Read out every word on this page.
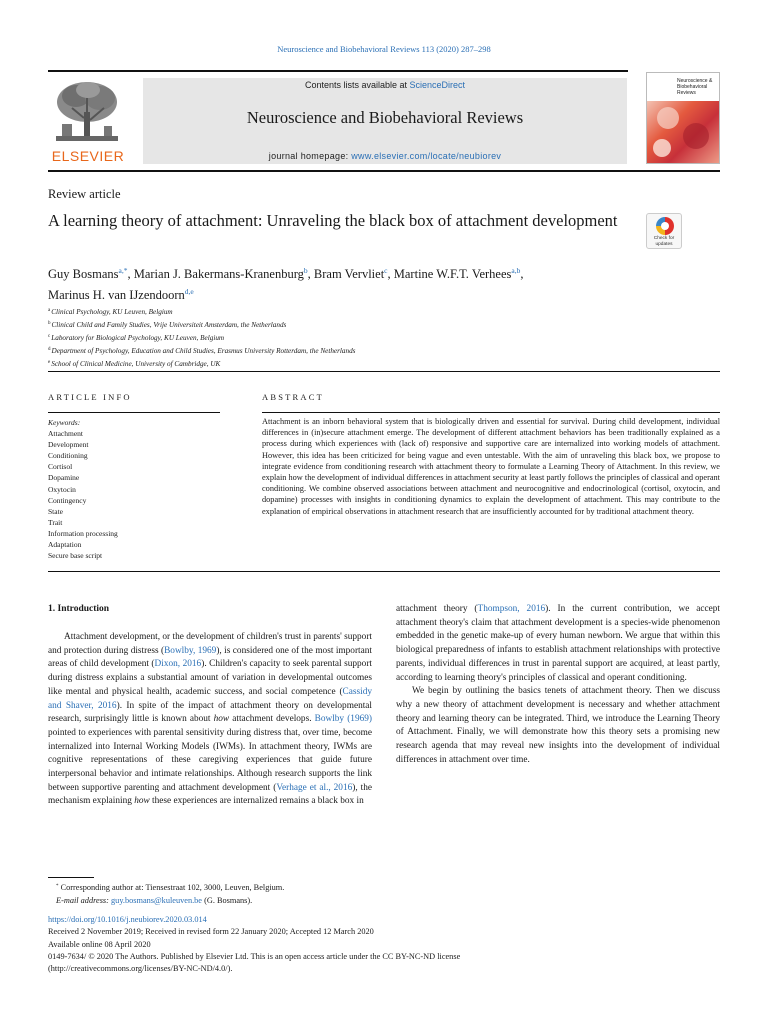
Neuroscience and Biobehavioral Reviews 113 (2020) 287–298
ELSEVIER
Contents lists available at ScienceDirect
Neuroscience and Biobehavioral Reviews
journal homepage: www.elsevier.com/locate/neubiorev
Neuroscience & Biobehavioral Reviews
Review article
A learning theory of attachment: Unraveling the black box of attachment development
Check for updates
Guy Bosmans$^{a,*}$, Marian J. Bakermans-Kranenburg$^b$, Bram Vervliet$^c$, Martine W.F.T. Verhees$^{a,b}$,
Marinus H. van IJzendoorn$^{d,e}$
$^a$Clinical Psychology, KU Leuven, Belgium
$^b$Clinical Child and Family Studies, Vrije Universiteit Amsterdam, the Netherlands
$^c$Laboratory for Biological Psychology, KU Leuven, Belgium
$^d$Department of Psychology, Education and Child Studies, Erasmus University Rotterdam, the Netherlands
$^e$School of Clinical Medicine, University of Cambridge, UK
ARTICLE INFO	ABSTRACT
Keywords:
Attachment
Development
Conditioning
Cortisol
Dopamine
Oxytocin
Contingency
State
Trait
Information processing
Adaptation
Secure base script
Attachment is an inborn behavioral system that is biologically driven and essential for survival. During child development, individual differences in (in)secure attachment emerge. The development of different attachment behaviors has been traditionally explained as a process during which experiences with (lack of) responsive and supportive care are internalized into working models of attachment. However, this idea has been criticized for being vague and even untestable. With the aim of unraveling this black box, we propose to integrate evidence from conditioning research with attachment theory to formulate a Learning Theory of Attachment. In this review, we explain how the development of individual differences in attachment security at least partly follows the principles of classical and operant conditioning. We combine observed associations between attachment and neurocognitive and endocrinological (cortisol, oxytocin, and dopamine) processes with insights in conditioning dynamics to explain the development of attachment. This may contribute to the explanation of empirical observations in attachment research that are insufficiently accounted for by traditional attachment theory.
1. Introduction

Attachment development, or the development of children's trust in parents' support and protection during distress (Bowlby, 1969), is considered one of the most important areas of child development (Dixon, 2016). Children's capacity to seek parental support during distress explains a substantial amount of variation in developmental outcomes like mental and physical health, academic success, and social competence (Cassidy and Shaver, 2016). In spite of the impact of attachment theory on developmental research, surprisingly little is known about how attachment develops. Bowlby (1969) pointed to experiences with parental sensitivity during distress that, over time, become internalized into Internal Working Models (IWMs). In attachment theory, IWMs are cognitive representations of these caregiving experiences that guide future interpersonal behavior and intimate relationships. Although research supports the link between supportive parenting and attachment development (Verhage et al., 2016), the mechanism explaining how these experiences are internalized remains a black box in

attachment theory (Thompson, 2016). In the current contribution, we accept attachment theory's claim that attachment development is a species-wide phenomenon embedded in the genetic make-up of every human newborn. We argue that within this biological preparedness of infants to establish attachment relationships with protective parents, individual differences in trust in parental support are acquired, at least partly, according to learning theory's principles of classical and operant conditioning.

We begin by outlining the basics tenets of attachment theory. Then we discuss why a new theory of attachment development is necessary and whether attachment theory and learning theory can be integrated. Third, we introduce the Learning Theory of Attachment. Finally, we will demonstrate how this theory sets a promising new research agenda that may reveal new insights into the development of individual differences in attachment over time.

* Corresponding author at: Tiensestraat 102, 3000, Leuven, Belgium.
E-mail address: guy.bosmans@kuleuven.be (G. Bosmans).
https://doi.org/10.1016/j.neubiorev.2020.03.014
Received 2 November 2019; Received in revised form 22 January 2020; Accepted 12 March 2020
Available online 08 April 2020
0149-7634/ © 2020 The Authors. Published by Elsevier Ltd. This is an open access article under the CC BY-NC-ND license
(http://creativecommons.org/licenses/BY-NC-ND/4.0/).
